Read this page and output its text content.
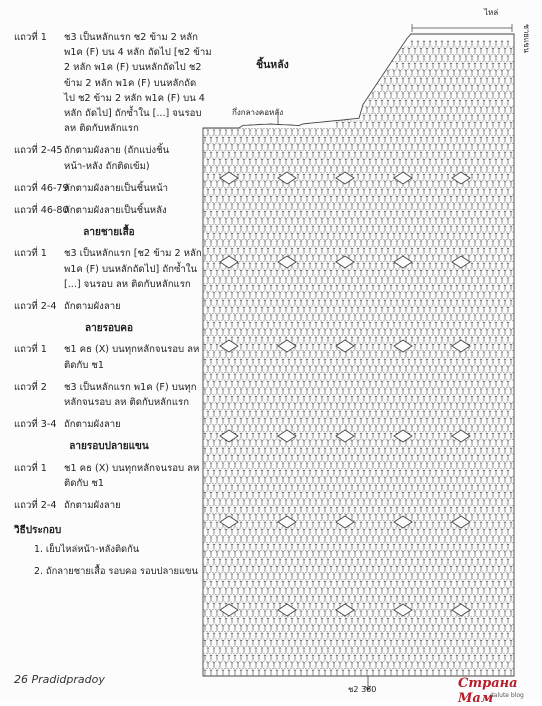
แถวที่ 1 ช3 เป็นหลักแรก ช2 ข้าม 2 หลัก
พ1ค (F) บน 4 หลัก ถัดไป [ช2 ข้าม
2 หลัก พ1ค (F) บนหลักถัดไป ช2
ข้าม 2 หลัก พ1ค (F) บนหลักถัด
ไป ช2 ข้าม 2 หลัก พ1ค (F) บน 4
หลัก ถัดไป] ถักซ้ำใน [...] จนรอบ
ลห ติดกับหลักแรก
แถวที่ 2-45 ถักตามผังลาย (ถักแบ่งชิ้น
หน้า-หลัง ถักติดเข้ม)
แถวที่ 46-79
ถักตามผังลายเป็นชิ้นหน้า
แถวที่ 46-80
ถักตามผังลายเป็นชิ้นหลัง
ลายชายเสื้อ
แถวที่ 1 ช3 เป็นหลักแรก [ช2 ข้าม 2 หลัก
พ1ค (F) บนหลักถัดไป] ถักซ้ำใน
[...] จนรอบ ลห ติดกับหลักแรก
แถวที่ 2-4 ถักตามผังลาย
ลายรอบคอ
แถวที่ 1 ช1 คธ (X) บนทุกหลักจนรอบ ลห
ติดกับ ช1
แถวที่ 2 ช3 เป็นหลักแรก พ1ค (F) บนทุก
หลักจนรอบ ลห ติดกับหลักแรก
แถวที่ 3-4 ถักตามผังลาย
ลายรอบปลายแขน
แถวที่ 1 ช1 คธ (X) บนทุกหลักจนรอบ ลห
ติดกับ ช1
แถวที่ 2-4 ถักตามผังลาย
วิธีประกอบ
1. เย็บไหล่หน้า-หลังติดกัน
2. ถักลายชายเสื้อ รอบคอ รอบปลายแขน
ชิ้นหลัง
กึ่งกลางคอหลัง
ไหล่
ชายแขน
ช2 360
26 Pradidpradoy	Страна Мам
dalute blog
